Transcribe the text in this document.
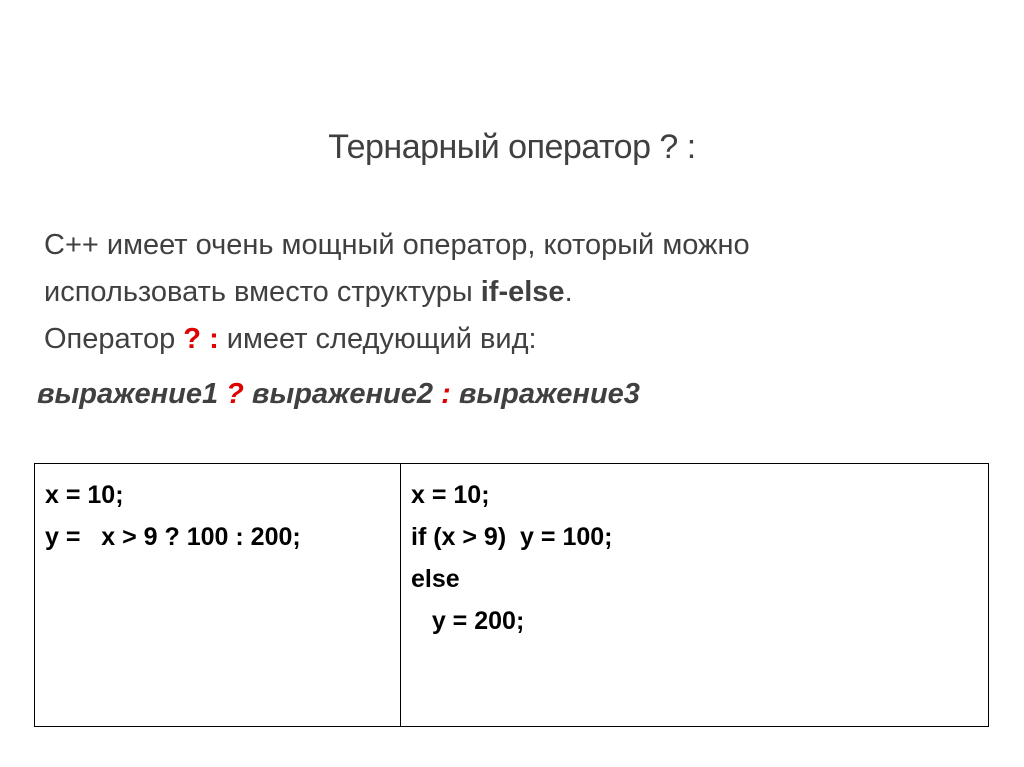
Тернарный оператор ? :
С++ имеет очень мощный оператор, который можно
использовать вместо структуры if-else.
Оператор ? : имеет следующий вид:
выражение1 ? выражение2 : выражение3
x = 10;
y =   x > 9 ? 100 : 200;
x = 10;
if (x > 9)  y = 100;
else
y = 200;
